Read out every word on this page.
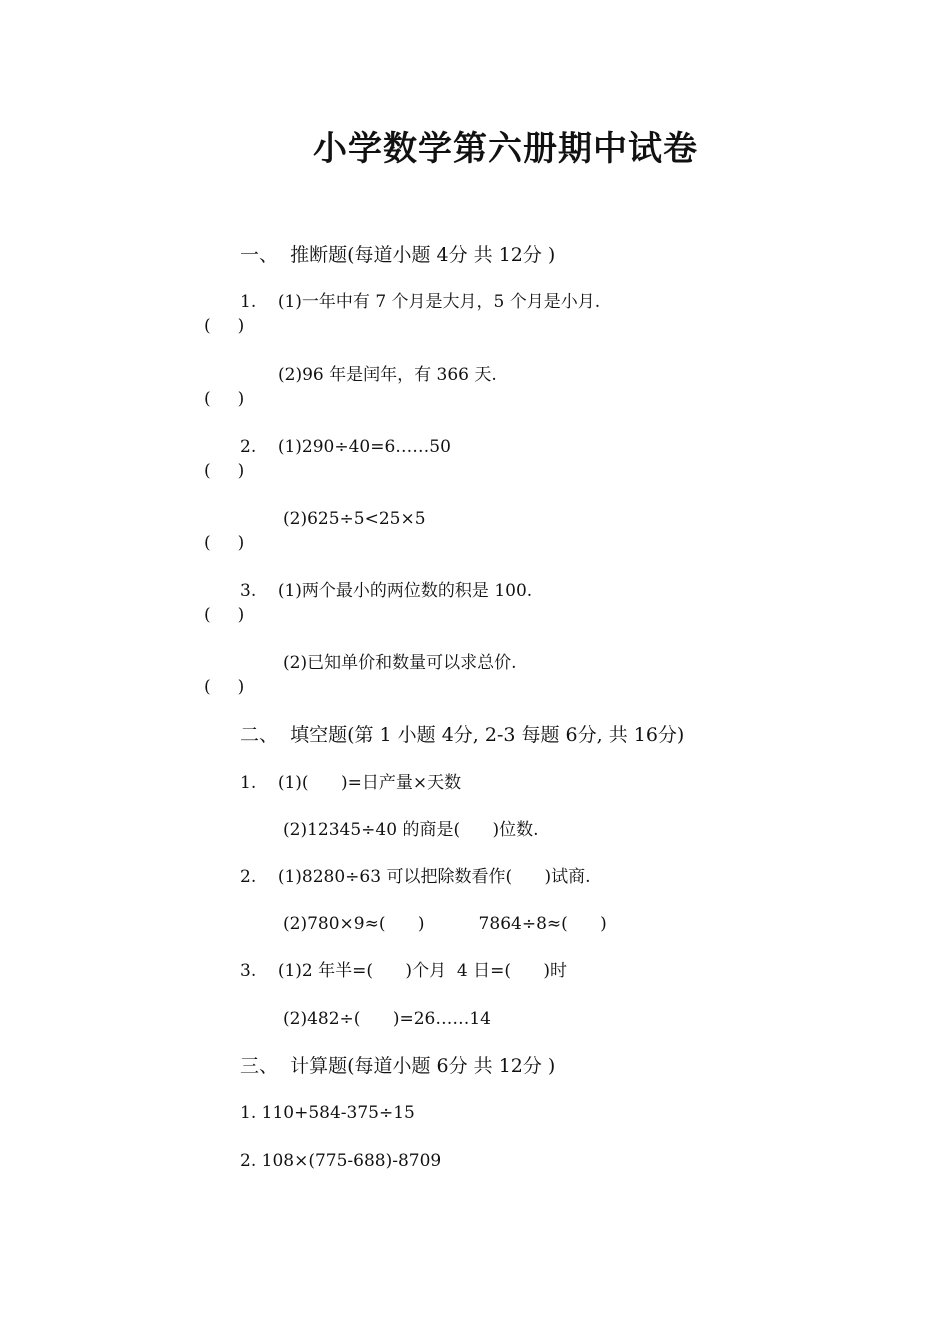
小学数学第六册期中试卷
一、  推断题(每道小题 4分 共 12分 )
1.    (1)一年中有 7 个月是大月，5 个月是小月.
(     )
(2)96 年是闰年，有 366 天.
(     )
2.    (1)290÷40=6……50
(     )
(2)625÷5<25×5
(     )
3.    (1)两个最小的两位数的积是 100.
(     )
(2)已知单价和数量可以求总价.
(     )
二、  填空题(第 1 小题 4分, 2-3 每题 6分, 共 16分)
1.    (1)(      )=日产量×天数
(2)12345÷40 的商是(      )位数.
2.    (1)8280÷63 可以把除数看作(      )试商.
(2)780×9≈(      )          7864÷8≈(      )
3.    (1)2 年半=(      )个月  4 日=(      )时
(2)482÷(      )=26……14
三、  计算题(每道小题 6分 共 12分 )
1. 110+584-375÷15
2. 108×(775-688)-8709
